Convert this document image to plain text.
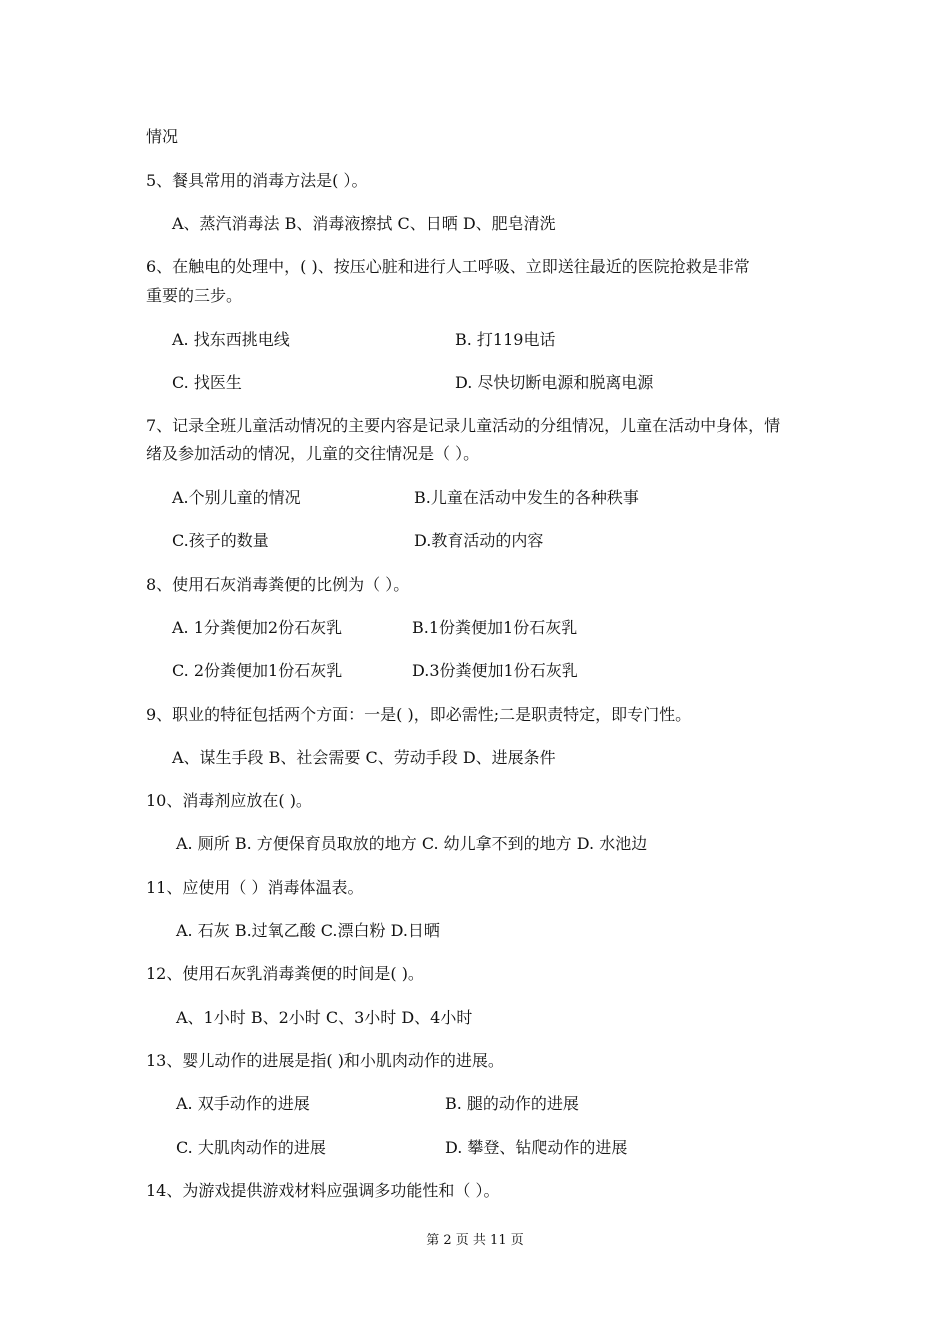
情况
5、餐具常用的消毒方法是( ）。
A、蒸汽消毒法 B、消毒液擦拭 C、日晒 D、肥皂清洗
6、在触电的处理中，( )、按压心脏和进行人工呼吸、立即送往最近的医院抢救是非常
重要的三步。
A. 找东西挑电线	B. 打119电话
C. 找医生	D. 尽快切断电源和脱离电源
7、记录全班儿童活动情况的主要内容是记录儿童活动的分组情况，儿童在活动中身体，情
绪及参加活动的情况，儿童的交往情况是（ ）。
A.个别儿童的情况	B.儿童在活动中发生的各种秩事
C.孩子的数量	D.教育活动的内容
8、使用石灰消毒粪便的比例为（ ）。
A. 1分粪便加2份石灰乳	B.1份粪便加1份石灰乳
C. 2份粪便加1份石灰乳	D.3份粪便加1份石灰乳
9、职业的特征包括两个方面：一是( )，即必需性;二是职责特定，即专门性。
A、谋生手段 B、社会需要 C、劳动手段 D、进展条件
10、消毒剂应放在( )。
A. 厕所 B. 方便保育员取放的地方 C. 幼儿拿不到的地方 D. 水池边
11、应使用（ ）消毒体温表。
A. 石灰 B.过氧乙酸 C.漂白粉 D.日晒
12、使用石灰乳消毒粪便的时间是( )。
A、1小时 B、2小时 C、3小时 D、4小时
13、婴儿动作的进展是指( )和小肌肉动作的进展。
A. 双手动作的进展	B. 腿的动作的进展
C. 大肌肉动作的进展	D. 攀登、钻爬动作的进展
14、为游戏提供游戏材料应强调多功能性和（ ）。
第 2 页 共 11 页
